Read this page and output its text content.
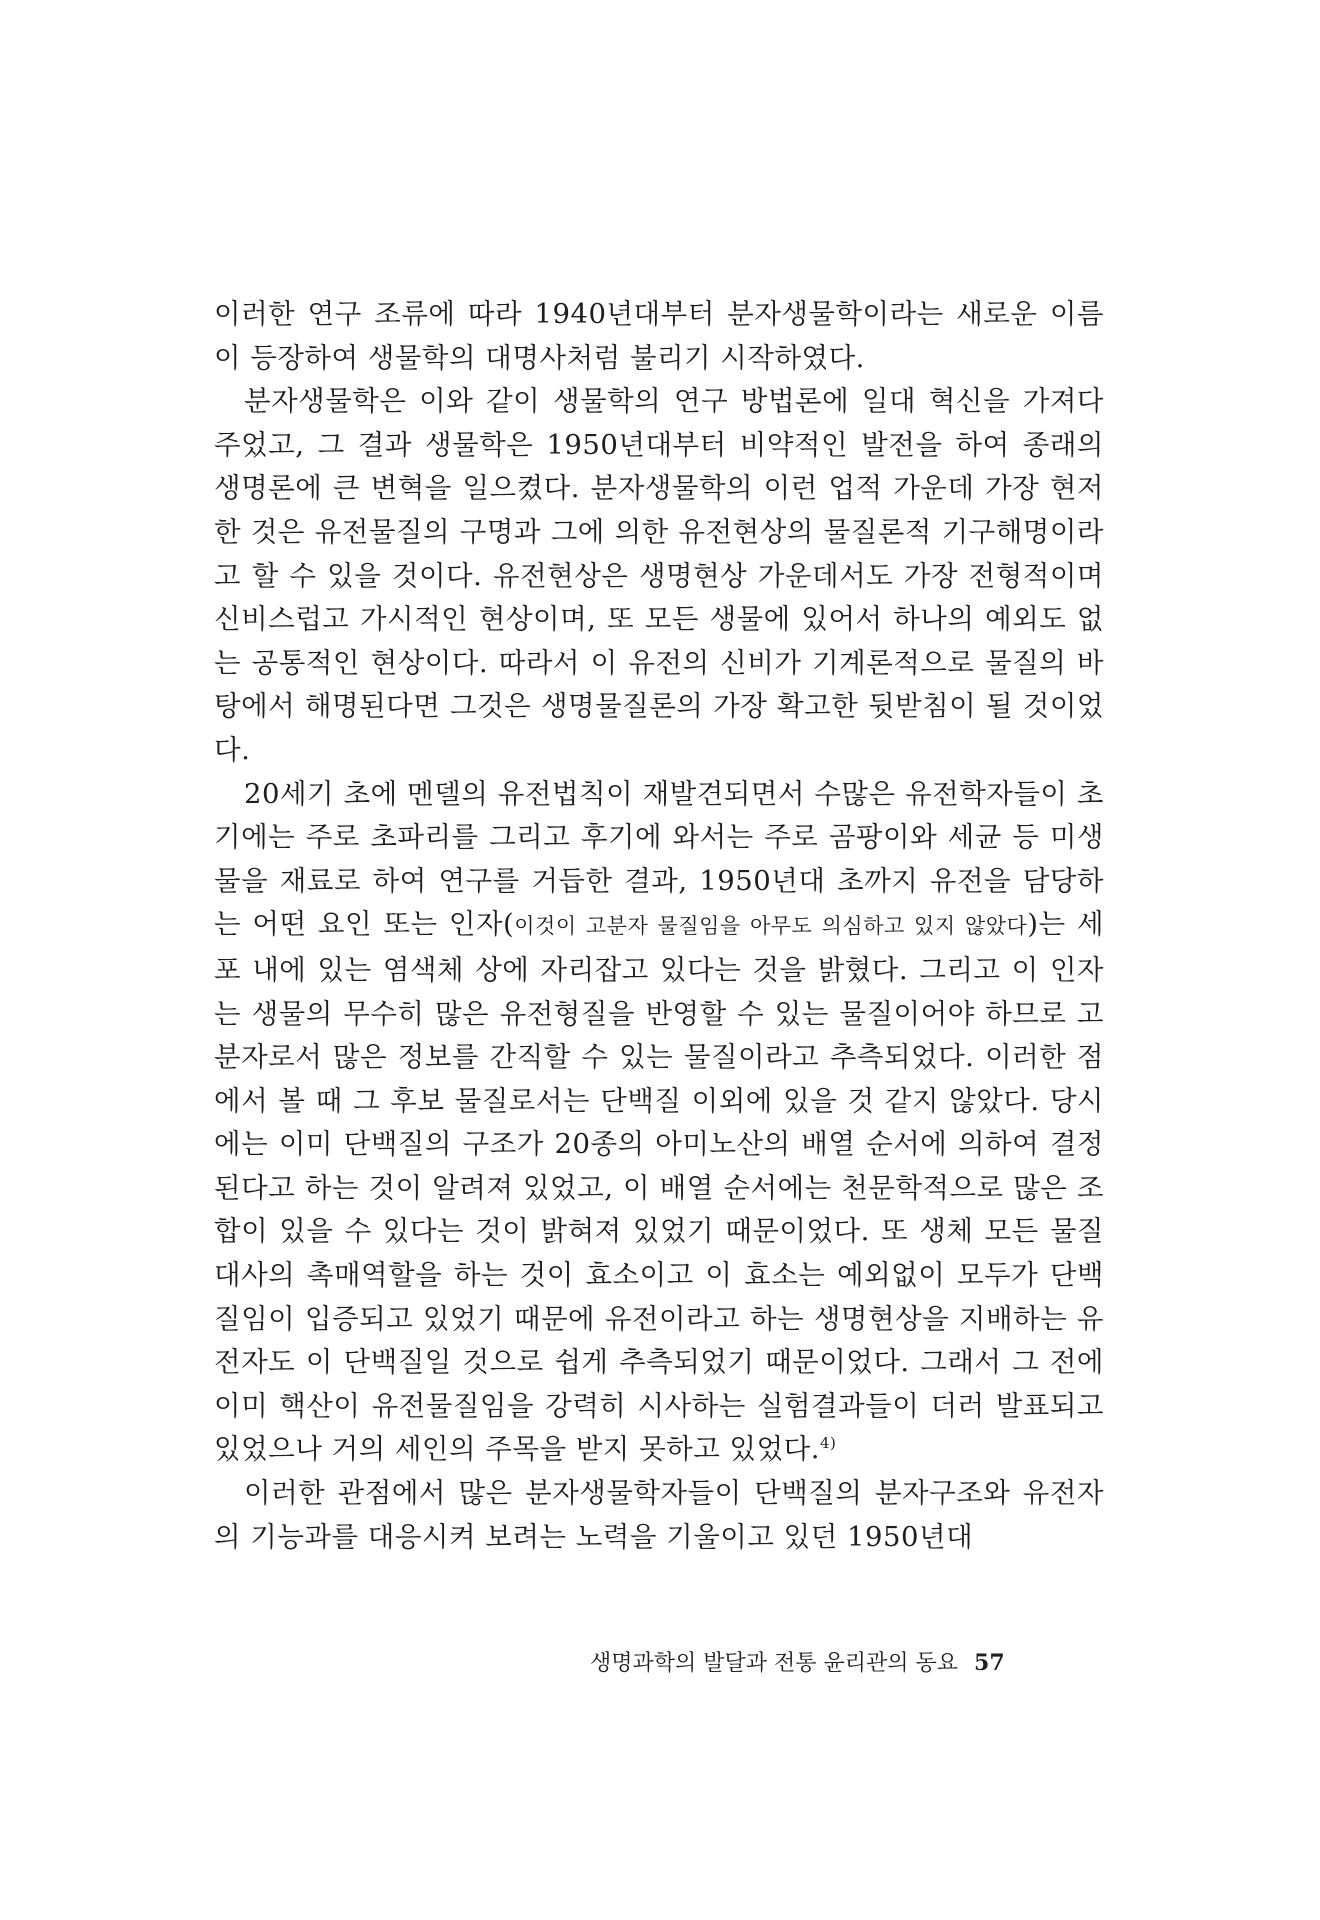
이러한 연구 조류에 따라 1940년대부터 분자생물학이라는 새로운 이름이 등장하여 생물학의 대명사처럼 불리기 시작하였다.

분자생물학은 이와 같이 생물학의 연구 방법론에 일대 혁신을 가져다 주었고, 그 결과 생물학은 1950년대부터 비약적인 발전을 하여 종래의 생명론에 큰 변혁을 일으켰다. 분자생물학의 이런 업적 가운데 가장 현저한 것은 유전물질의 구명과 그에 의한 유전현상의 물질론적 기구해명이라고 할 수 있을 것이다. 유전현상은 생명현상 가운데서도 가장 전형적이며 신비스럽고 가시적인 현상이며, 또 모든 생물에 있어서 하나의 예외도 없는 공통적인 현상이다. 따라서 이 유전의 신비가 기계론적으로 물질의 바탕에서 해명된다면 그것은 생명물질론의 가장 확고한 뒷받침이 될 것이었다.

20세기 초에 멘델의 유전법칙이 재발견되면서 수많은 유전학자들이 초기에는 주로 초파리를 그리고 후기에 와서는 주로 곰팡이와 세균 등 미생물을 재료로 하여 연구를 거듭한 결과, 1950년대 초까지 유전을 담당하는 어떤 요인 또는 인자(이것이 고분자 물질임을 아무도 의심하고 있지 않았다)는 세포 내에 있는 염색체 상에 자리잡고 있다는 것을 밝혔다. 그리고 이 인자는 생물의 무수히 많은 유전형질을 반영할 수 있는 물질이어야 하므로 고분자로서 많은 정보를 간직할 수 있는 물질이라고 추측되었다. 이러한 점에서 볼 때 그 후보 물질로서는 단백질 이외에 있을 것 같지 않았다. 당시에는 이미 단백질의 구조가 20종의 아미노산의 배열 순서에 의하여 결정된다고 하는 것이 알려져 있었고, 이 배열 순서에는 천문학적으로 많은 조합이 있을 수 있다는 것이 밝혀져 있었기 때문이었다. 또 생체 모든 물질대사의 촉매역할을 하는 것이 효소이고 이 효소는 예외없이 모두가 단백질임이 입증되고 있었기 때문에 유전이라고 하는 생명현상을 지배하는 유전자도 이 단백질일 것으로 쉽게 추측되었기 때문이었다. 그래서 그 전에 이미 핵산이 유전물질임을 강력히 시사하는 실험결과들이 더러 발표되고 있었으나 거의 세인의 주목을 받지 못하고 있었다.$^{4)}$

이러한 관점에서 많은 분자생물학자들이 단백질의 분자구조와 유전자의 기능과를 대응시켜 보려는 노력을 기울이고 있던 1950년대

생명과학의 발달과 전통 윤리관의 동요 57
